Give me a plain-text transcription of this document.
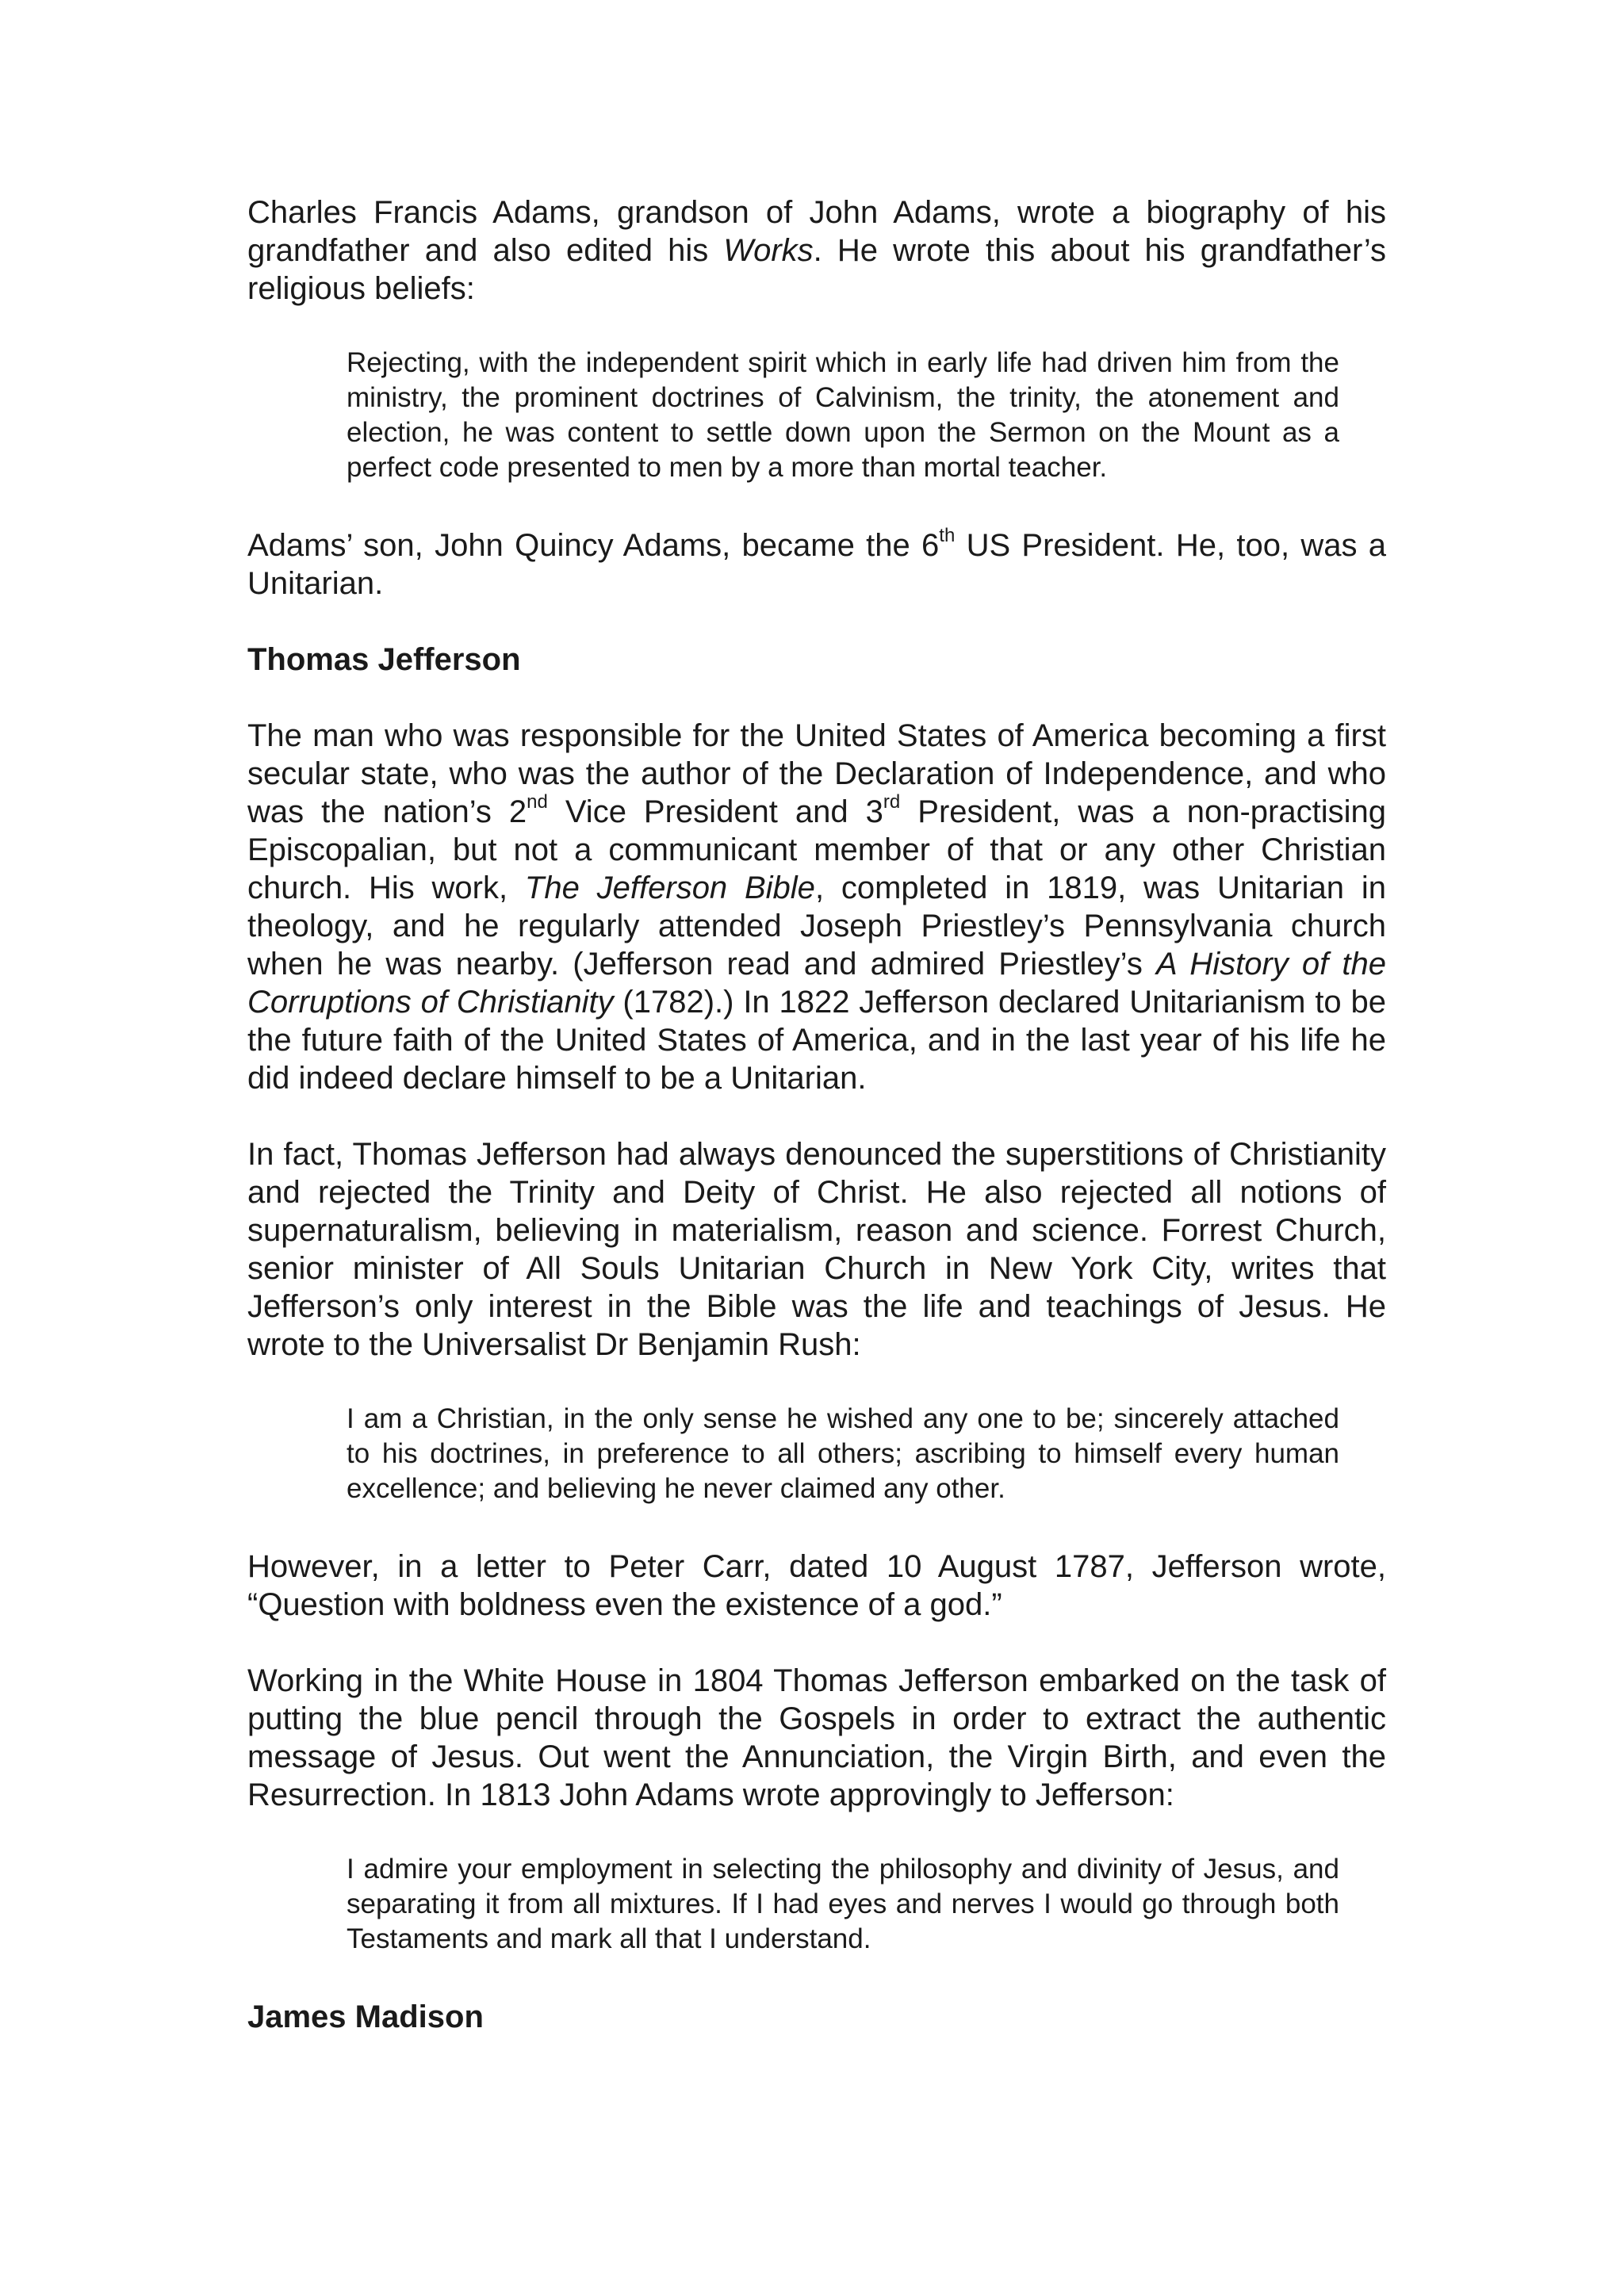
Charles Francis Adams, grandson of John Adams, wrote a biography of his grandfather and also edited his Works. He wrote this about his grandfather’s religious beliefs:

Rejecting, with the independent spirit which in early life had driven him from the ministry, the prominent doctrines of Calvinism, the trinity, the atonement and election, he was content to settle down upon the Sermon on the Mount as a perfect code presented to men by a more than mortal teacher.

Adams’ son, John Quincy Adams, became the 6th US President. He, too, was a Unitarian.

Thomas Jefferson

The man who was responsible for the United States of America becoming a first secular state, who was the author of the Declaration of Independence, and who was the nation’s 2nd Vice President and 3rd President, was a non-practising Episcopalian, but not a communicant member of that or any other Christian church. His work, The Jefferson Bible, completed in 1819, was Unitarian in theology, and he regularly attended Joseph Priestley’s Pennsylvania church when he was nearby. (Jefferson read and admired Priestley’s A History of the Corruptions of Christianity (1782).) In 1822 Jefferson declared Unitarianism to be the future faith of the United States of America, and in the last year of his life he did indeed declare himself to be a Unitarian.

In fact, Thomas Jefferson had always denounced the superstitions of Christianity and rejected the Trinity and Deity of Christ. He also rejected all notions of supernaturalism, believing in materialism, reason and science. Forrest Church, senior minister of All Souls Unitarian Church in New York City, writes that Jefferson’s only interest in the Bible was the life and teachings of Jesus. He wrote to the Universalist Dr Benjamin Rush:

I am a Christian, in the only sense he wished any one to be; sincerely attached to his doctrines, in preference to all others; ascribing to himself every human excellence; and believing he never claimed any other.

However, in a letter to Peter Carr, dated 10 August 1787, Jefferson wrote, “Question with boldness even the existence of a god.”

Working in the White House in 1804 Thomas Jefferson embarked on the task of putting the blue pencil through the Gospels in order to extract the authentic message of Jesus. Out went the Annunciation, the Virgin Birth, and even the Resurrection. In 1813 John Adams wrote approvingly to Jefferson:

I admire your employment in selecting the philosophy and divinity of Jesus, and separating it from all mixtures. If I had eyes and nerves I would go through both Testaments and mark all that I understand.

James Madison
